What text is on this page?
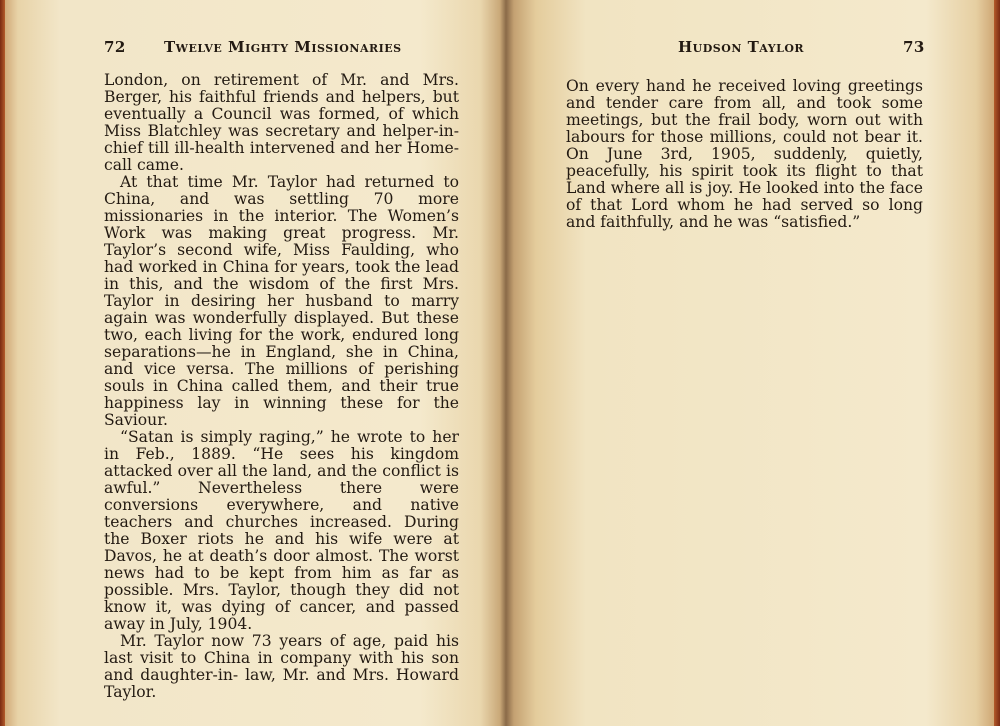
72	Twelve Mighty Missionaries

London, on retirement of Mr. and Mrs. Berger, his faithful friends and helpers, but eventually a Council was formed, of which Miss Blatchley was secretary and helper-in-chief till ill-health intervened and her Home-call came.

At that time Mr. Taylor had returned to China, and was settling 70 more missionaries in the interior. The Women’s Work was making great progress. Mr. Taylor’s second wife, Miss Faulding, who had worked in China for years, took the lead in this, and the wisdom of the first Mrs. Taylor in desiring her husband to marry again was wonderfully displayed. But these two, each living for the work, endured long separations—he in England, she in China, and vice versa. The millions of perishing souls in China called them, and their true happiness lay in winning these for the Saviour.

“Satan is simply raging,” he wrote to her in Feb., 1889. “He sees his kingdom attacked over all the land, and the conflict is awful.” Nevertheless there were conversions everywhere, and native teachers and churches increased. During the Boxer riots he and his wife were at Davos, he at death’s door almost. The worst news had to be kept from him as far as possible. Mrs. Taylor, though they did not know it, was dying of cancer, and passed away in July, 1904.

Mr. Taylor now 73 years of age, paid his last visit to China in company with his son and daughter-in- law, Mr. and Mrs. Howard Taylor.

Hudson Taylor	73

On every hand he received loving greetings and tender care from all, and took some meetings, but the frail body, worn out with labours for those millions, could not bear it. On June 3rd, 1905, suddenly, quietly, peacefully, his spirit took its flight to that Land where all is joy. He looked into the face of that Lord whom he had served so long and faithfully, and he was “satisfied.”
